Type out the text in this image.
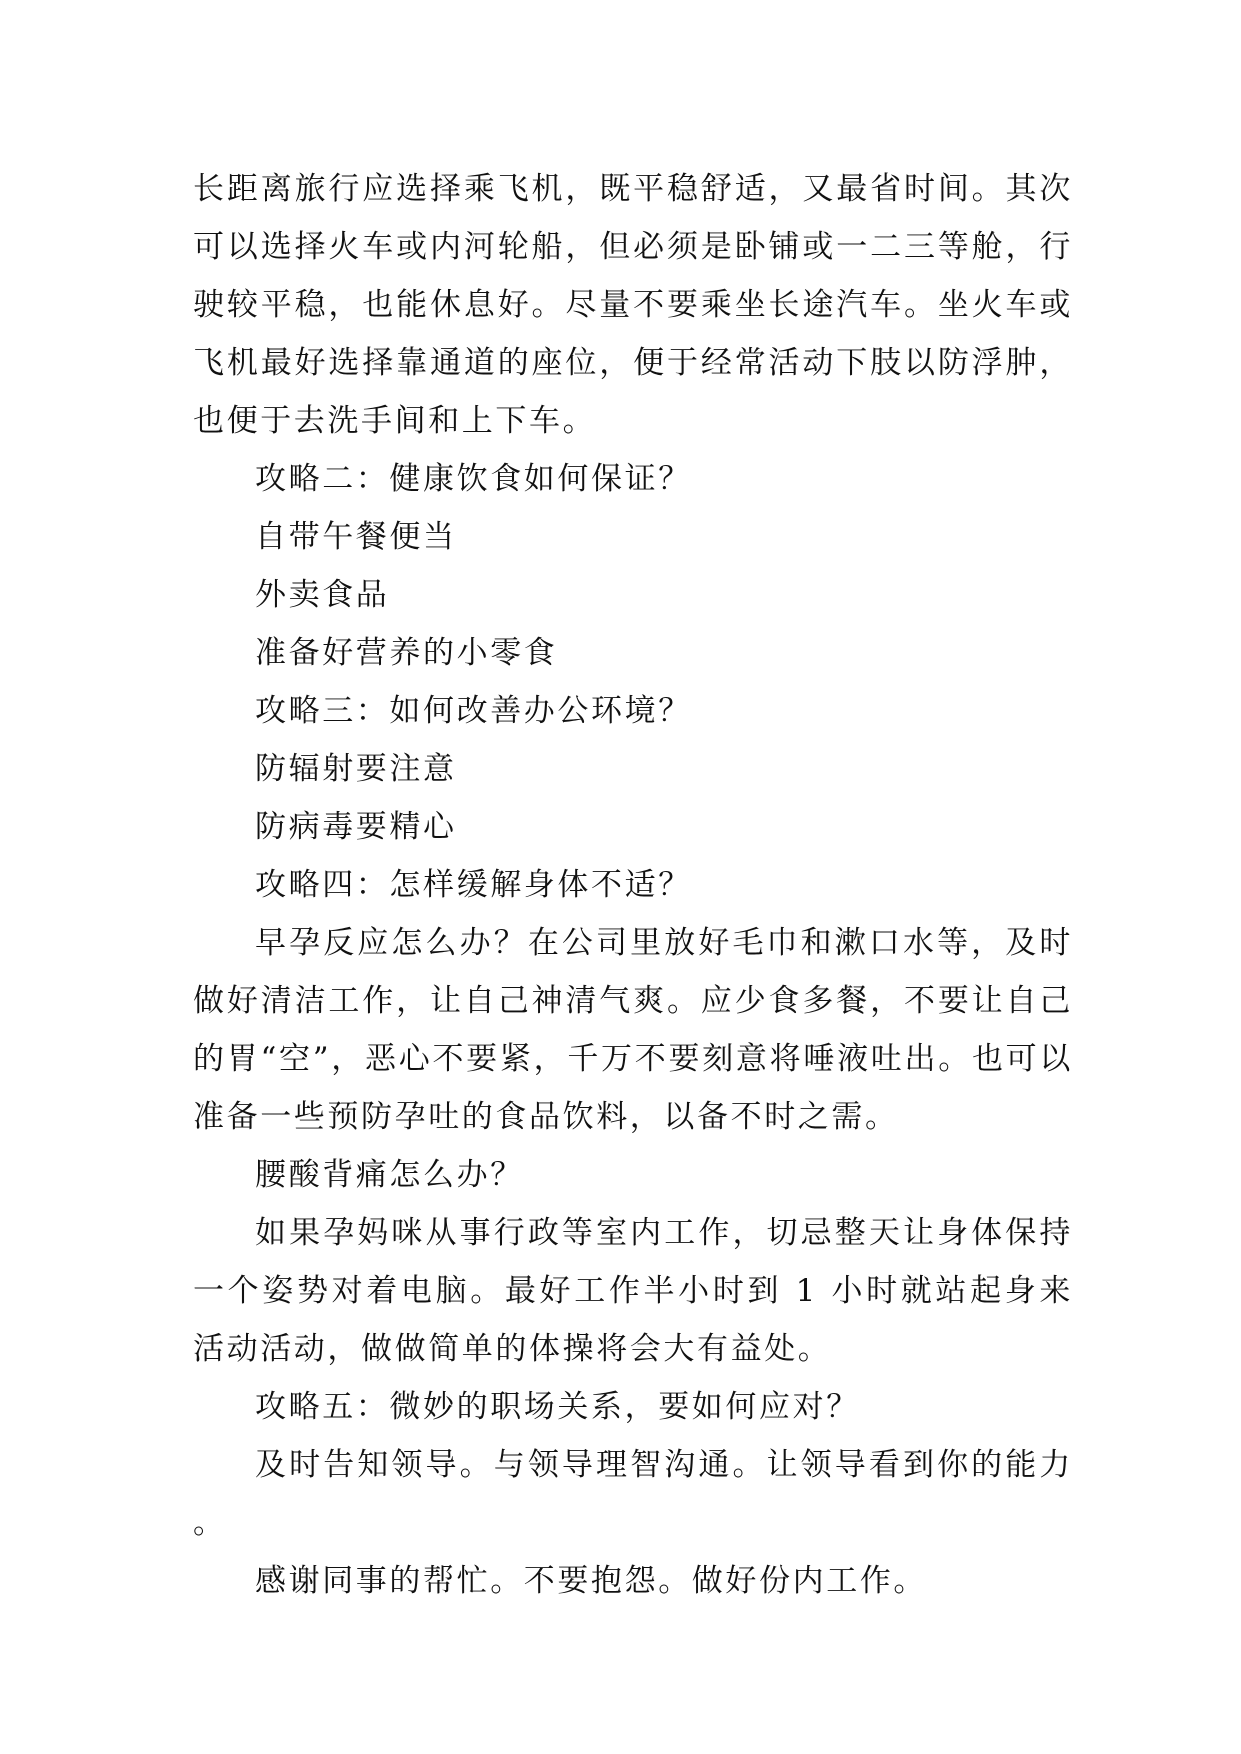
长距离旅行应选择乘飞机，既平稳舒适，又最省时间。其次可以选择火车或内河轮船，但必须是卧铺或一二三等舱，行驶较平稳，也能休息好。尽量不要乘坐长途汽车。坐火车或飞机最好选择靠通道的座位，便于经常活动下肢以防浮肿，也便于去洗手间和上下车。

攻略二：健康饮食如何保证？

自带午餐便当

外卖食品

准备好营养的小零食

攻略三：如何改善办公环境？

防辐射要注意

防病毒要精心

攻略四：怎样缓解身体不适？

早孕反应怎么办？在公司里放好毛巾和漱口水等，及时做好清洁工作，让自己神清气爽。应少食多餐，不要让自己的胃“空”，恶心不要紧，千万不要刻意将唾液吐出。也可以准备一些预防孕吐的食品饮料，以备不时之需。

腰酸背痛怎么办？

如果孕妈咪从事行政等室内工作，切忌整天让身体保持一个姿势对着电脑。最好工作半小时到 1 小时就站起身来活动活动，做做简单的体操将会大有益处。

攻略五：微妙的职场关系，要如何应对？

及时告知领导。与领导理智沟通。让领导看到你的能力。

感谢同事的帮忙。不要抱怨。做好份内工作。
